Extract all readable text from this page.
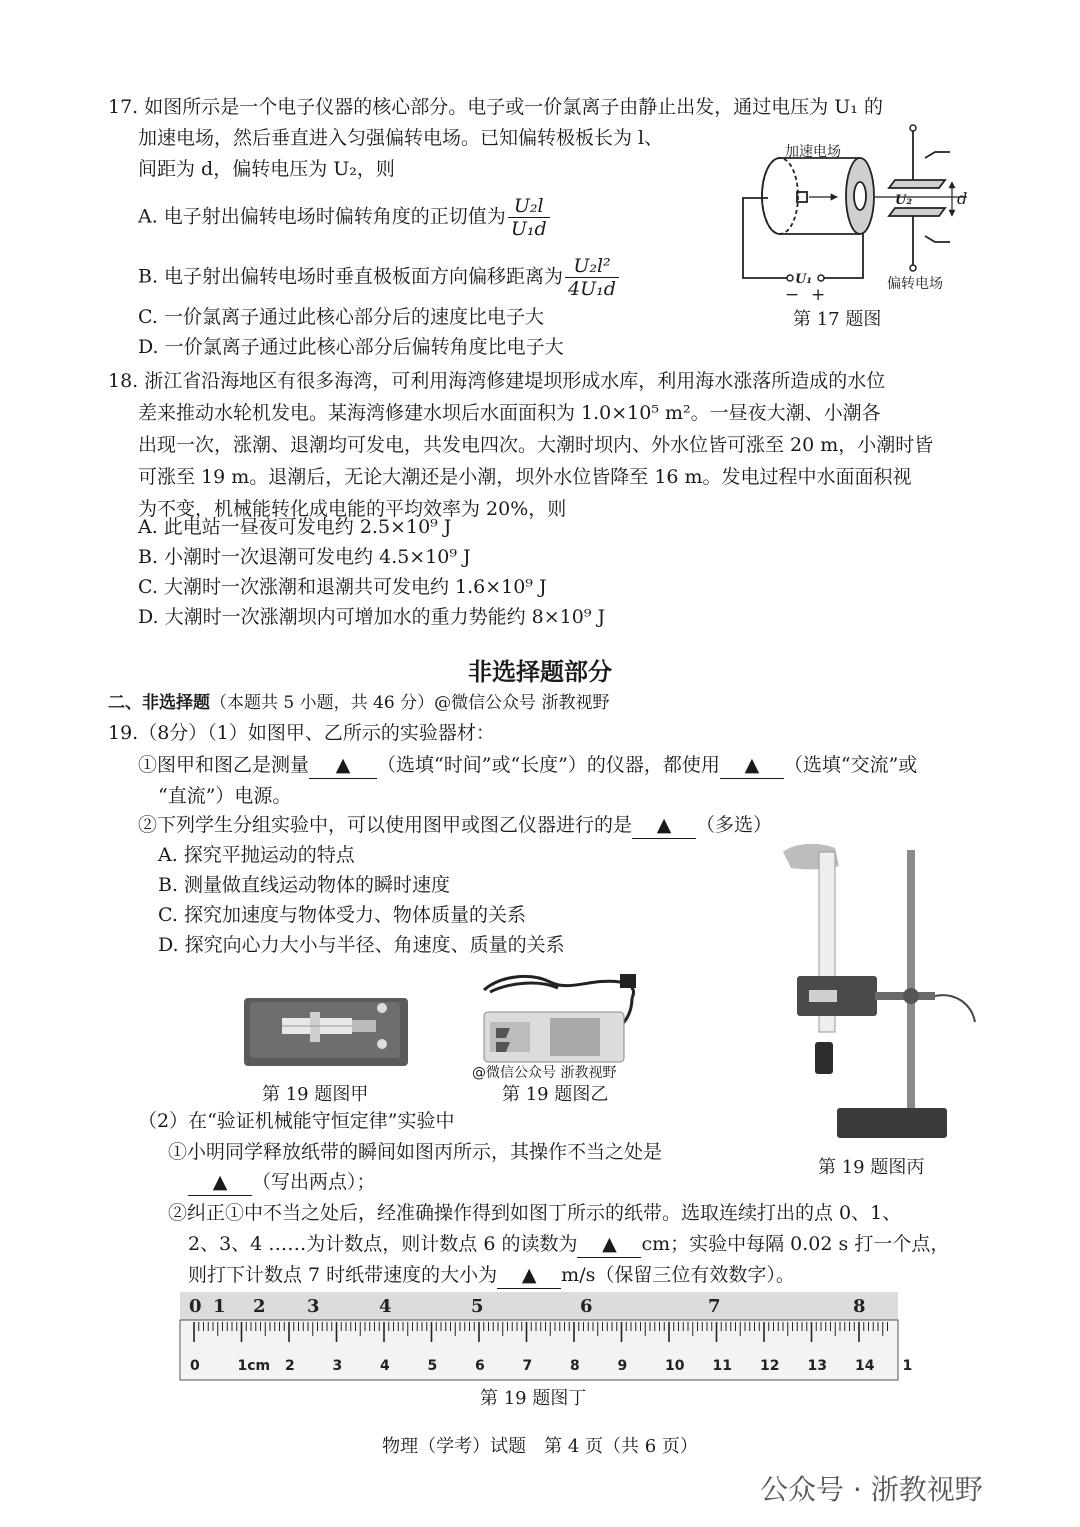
17. 如图所示是一个电子仪器的核心部分。电子或一价氯离子由静止出发，通过电压为 U₁ 的
加速电场，然后垂直进入匀强偏转电场。已知偏转极板长为 l、
间距为 d，偏转电压为 U₂，则
A. 电子射出偏转电场时偏转角度的正切值为 $\frac{\text{U₂l}}{\text{U₁d}}$
B. 电子射出偏转电场时垂直极板面方向偏移距离为 $\frac{\text{U₂l²}}{\text{4U₁d}}$
C. 一价氯离子通过此核心部分后的速度比电子大
D. 一价氯离子通过此核心部分后偏转角度比电子大
加速电场
U₂	d
U₁
− +
偏转电场
第 17 题图
18. 浙江省沿海地区有很多海湾，可利用海湾修建堤坝形成水库，利用海水涨落所造成的水位
差来推动水轮机发电。某海湾修建水坝后水面面积为 1.0×10⁵ m²。一昼夜大潮、小潮各
出现一次，涨潮、退潮均可发电，共发电四次。大潮时坝内、外水位皆可涨至 20 m，小潮时皆
可涨至 19 m。退潮后，无论大潮还是小潮，坝外水位皆降至 16 m。发电过程中水面面积视
为不变，机械能转化成电能的平均效率为 20%，则
A. 此电站一昼夜可发电约 2.5×10⁹ J
B. 小潮时一次退潮可发电约 4.5×10⁹ J
C. 大潮时一次涨潮和退潮共可发电约 1.6×10⁹ J
D. 大潮时一次涨潮坝内可增加水的重力势能约 8×10⁹ J
非选择题部分
二、非选择题（本题共 5 小题，共 46 分）@微信公众号 浙教视野
19.（8分）（1）如图甲、乙所示的实验器材：
①图甲和图乙是测量 ▲ （选填“时间”或“长度”）的仪器，都使用 ▲ （选填“交流”或
“直流”）电源。
②下列学生分组实验中，可以使用图甲或图乙仪器进行的是 ▲ （多选）
A. 探究平抛运动的特点
B. 测量做直线运动物体的瞬时速度
C. 探究加速度与物体受力、物体质量的关系
D. 探究向心力大小与半径、角速度、质量的关系
第 19 题图甲
@微信公众号 浙教视野
第 19 题图乙
第 19 题图丙
（2）在“验证机械能守恒定律”实验中
①小明同学释放纸带的瞬间如图丙所示，其操作不当之处是
▲ （写出两点）；
②纠正①中不当之处后，经准确操作得到如图丁所示的纸带。选取连续打出的点 0、1、
2、3、4 ……为计数点，则计数点 6 的读数为 ▲ cm；实验中每隔 0.02 s 打一个点，
则打下计数点 7 时纸带速度的大小为 ▲ m/s（保留三位有效数字）。
0 1 2 3	4	5	6	7	8
0	1cm 2	3	4	5	6	7	8	9	10 11 12 13 14 1
第 19 题图丁
物理（学考）试题　第 4 页（共 6 页）
公众号 · 浙教视野
